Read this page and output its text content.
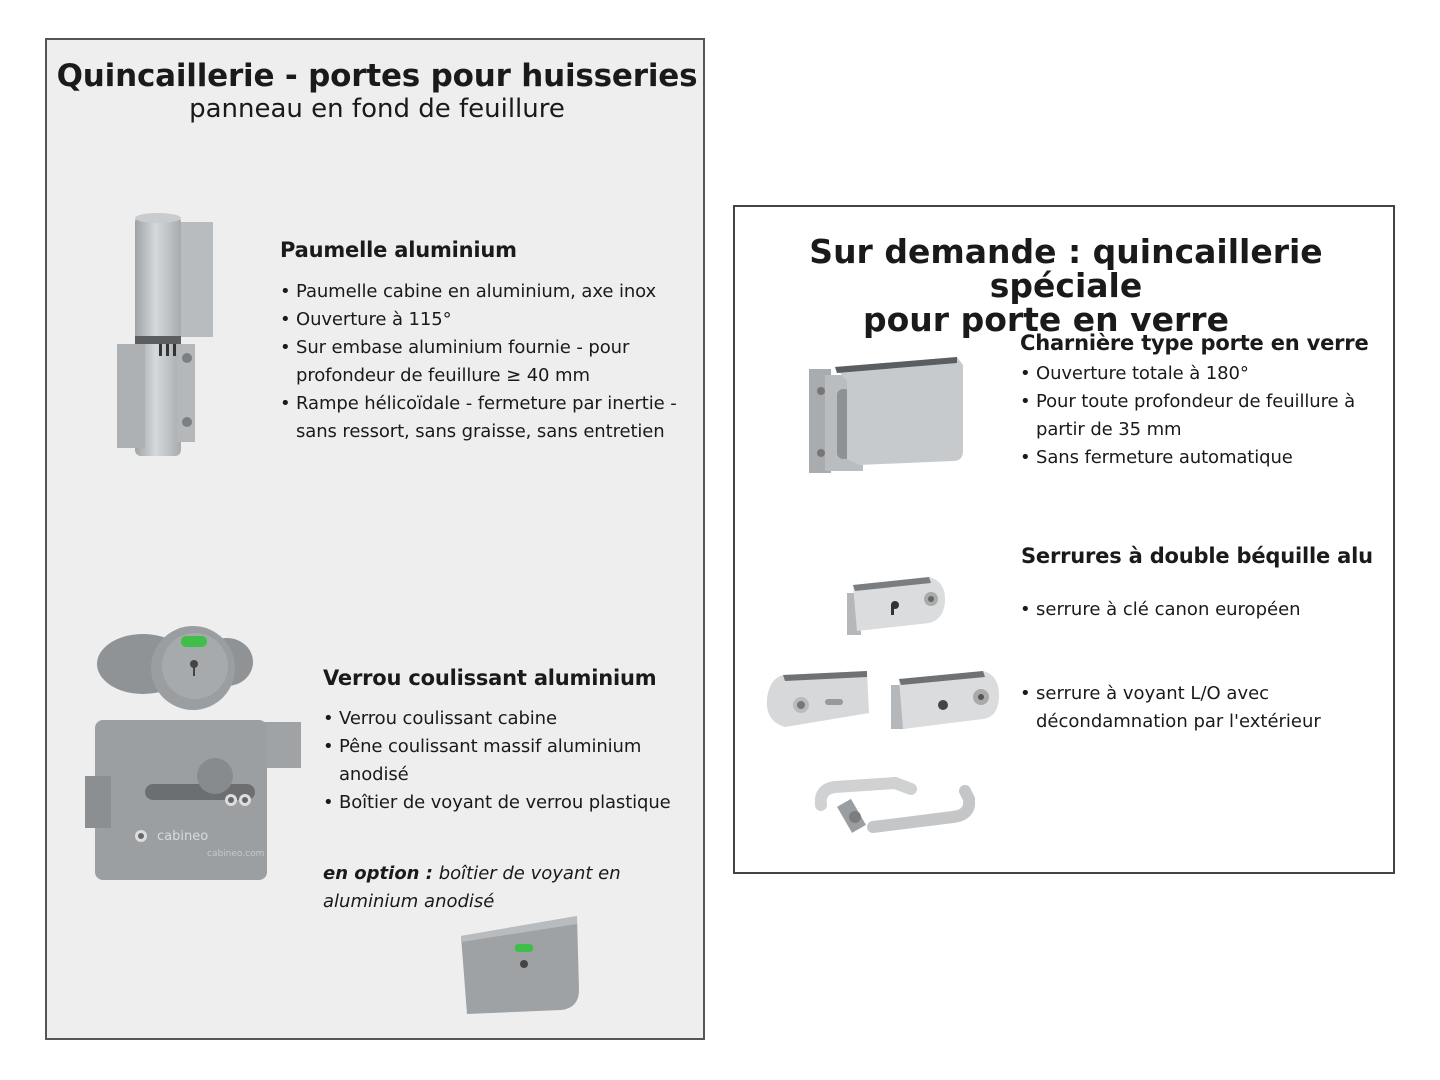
Quincaillerie - portes pour huisseries
panneau en fond de feuillure
Paumelle aluminium
• Paumelle cabine en aluminium, axe inox
• Ouverture à 115°
• Sur embase aluminium fournie - pour profondeur de feuillure ≥ 40 mm
• Rampe hélicoïdale - fermeture par inertie - sans ressort, sans graisse, sans entretien
cabineo
cabineo.com
Verrou coulissant aluminium
• Verrou coulissant cabine
• Pêne coulissant massif aluminium anodisé
• Boîtier de voyant de verrou plastique
en option : boîtier de voyant en aluminium anodisé
Sur demande : quincaillerie spéciale
pour porte en verre
Charnière type porte en verre
• Ouverture totale à 180°
• Pour toute profondeur de feuillure à partir de 35 mm
• Sans fermeture automatique
Serrures à double béquille alu
• serrure à clé canon européen
• serrure à voyant L/O avec décondamnation par l'extérieur
